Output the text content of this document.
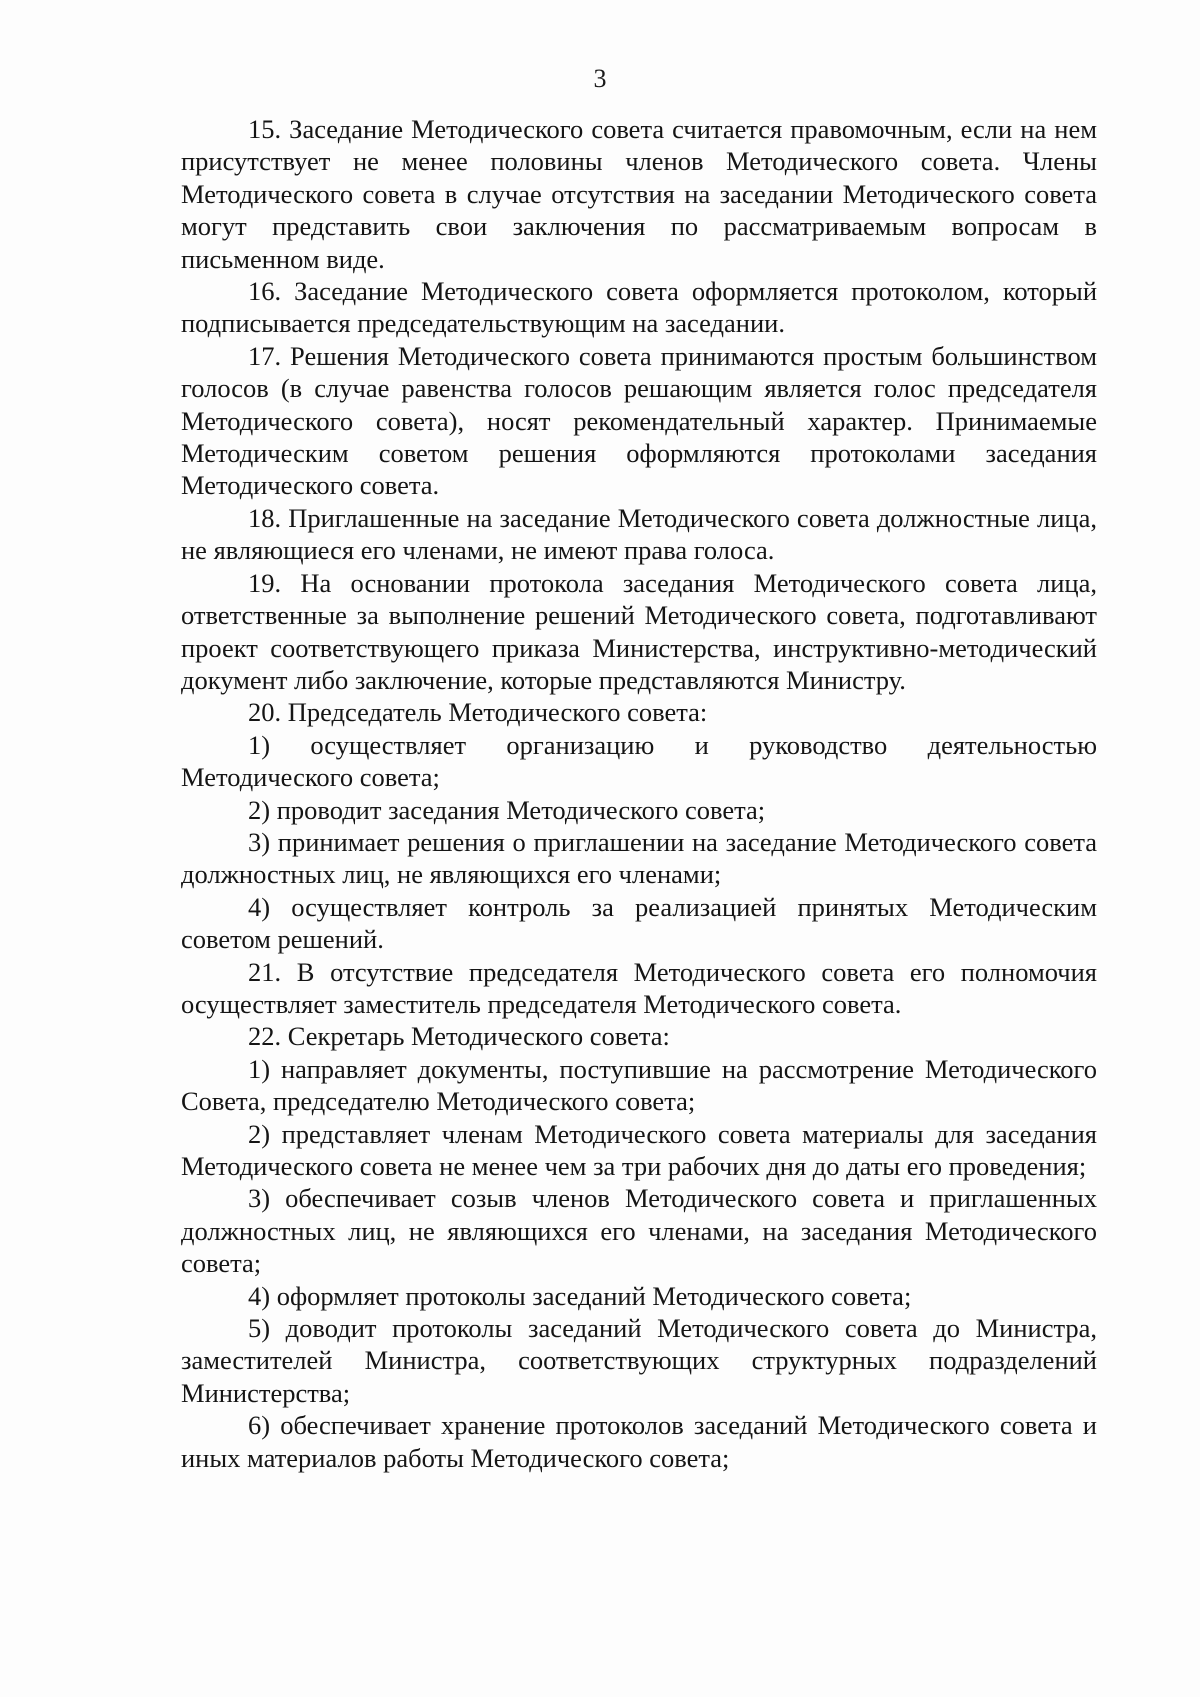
3

15. Заседание Методического совета считается правомочным, если на нем присутствует не менее половины членов Методического совета. Члены Методического совета в случае отсутствия на заседании Методического совета могут представить свои заключения по рассматриваемым вопросам в письменном виде.

16. Заседание Методического совета оформляется протоколом, который подписывается председательствующим на заседании.

17. Решения Методического совета принимаются простым большинством голосов (в случае равенства голосов решающим является голос председателя Методического совета), носят рекомендательный характер. Принимаемые Методическим советом решения оформляются протоколами заседания Методического совета.

18. Приглашенные на заседание Методического совета должностные лица, не являющиеся его членами, не имеют права голоса.

19. На основании протокола заседания Методического совета лица, ответственные за выполнение решений Методического совета, подготавливают проект соответствующего приказа Министерства, инструктивно-методический документ либо заключение, которые представляются Министру.

20. Председатель Методического совета:

1) осуществляет организацию и руководство деятельностью Методического совета;

2) проводит заседания Методического совета;

3) принимает решения о приглашении на заседание Методического совета должностных лиц, не являющихся его членами;

4) осуществляет контроль за реализацией принятых Методическим советом решений.

21. В отсутствие председателя Методического совета его полномочия осуществляет заместитель председателя Методического совета.

22. Секретарь Методического совета:

1) направляет документы, поступившие на рассмотрение Методического Совета, председателю Методического совета;

2) представляет членам Методического совета материалы для заседания Методического совета не менее чем за три рабочих дня до даты его проведения;

3) обеспечивает созыв членов Методического совета и приглашенных должностных лиц, не являющихся его членами, на заседания Методического совета;

4) оформляет протоколы заседаний Методического совета;

5) доводит протоколы заседаний Методического совета до Министра, заместителей Министра, соответствующих структурных подразделений Министерства;

6) обеспечивает хранение протоколов заседаний Методического совета и иных материалов работы Методического совета;
